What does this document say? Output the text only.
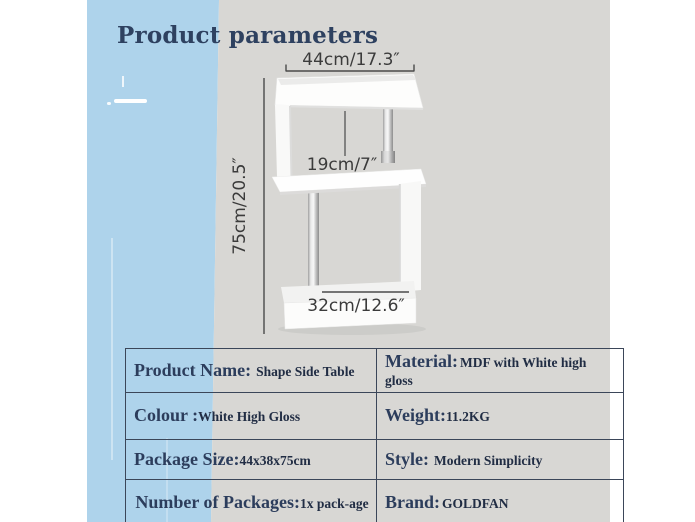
Product parameters
44cm/17.3″
19cm/7″
75cm/20.5″
32cm/12.6″
Product Name: Shape Side Table	Material: MDF with White high gloss
Colour :White High Gloss	Weight:11.2KG
Package Size:44x38x75cm	Style: Modern Simplicity
Number of Packages:1x pack-age	Brand: GOLDFAN
